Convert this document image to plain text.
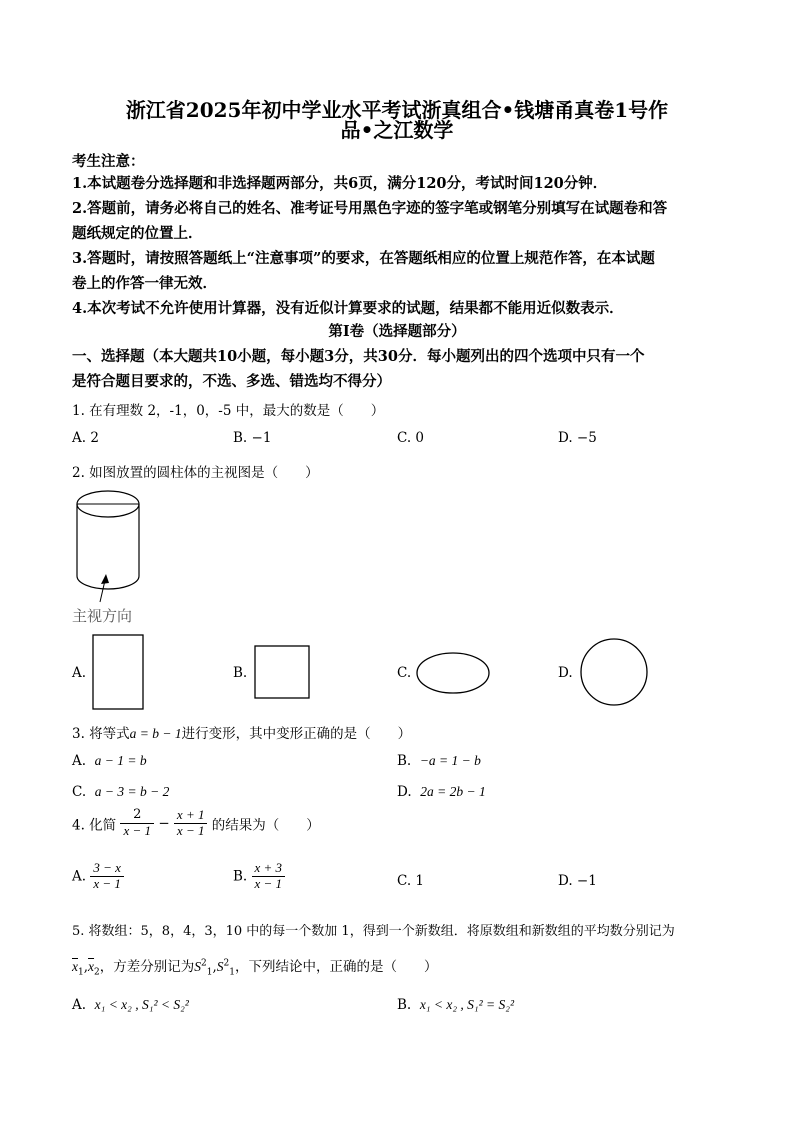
浙江省2025年初中学业水平考试浙真组合•钱塘甬真卷1号作
品•之江数学
考生注意：
1.本试题卷分选择题和非选择题两部分，共6页，满分120分，考试时间120分钟．
2.答题前，请务必将自己的姓名、准考证号用黑色字迹的签字笔或钢笔分别填写在试题卷和答
题纸规定的位置上．
3.答题时，请按照答题纸上“注意事项”的要求，在答题纸相应的位置上规范作答，在本试题
卷上的作答一律无效．
4.本次考试不允许使用计算器，没有近似计算要求的试题，结果都不能用近似数表示．
第Ⅰ卷（选择题部分）
一、选择题（本大题共10小题，每小题3分，共30分．每小题列出的四个选项中只有一个
是符合题目要求的，不选、多选、错选均不得分）
1. 在有理数 2，-1，0，-5 中，最大的数是（　　）
A. 2	B. −1	C. 0	D. −5
2. 如图放置的圆柱体的主视图是（　　）
主视方向
A.	B.	C.	D.
3. 将等式a = b − 1进行变形，其中变形正确的是（　　）
A. a − 1 = b	B. −a = 1 − b
C. a − 3 = b − 2	D. 2a = 2b − 1
4. 化简 $\frac{2}{x - 1} - \frac{x + 1}{x - 1}$ 的结果为（　　）
A. $\frac{3 - x}{x - 1}$	B. $\frac{x + 3}{x - 1}$	C. 1	D. −1
5. 将数组：5，8，4，3，10 中的每一个数加 1，得到一个新数组．将原数组和新数组的平均数分别记为
$\overline{x}_1,\overline{x}_2$，方差分别记为$S^2_1,S^2_1$，下列结论中，正确的是（　　）
A. x₁ < x₂ , S₁² < S₂²	B. x₁ < x₂ , S₁² = S₂²
